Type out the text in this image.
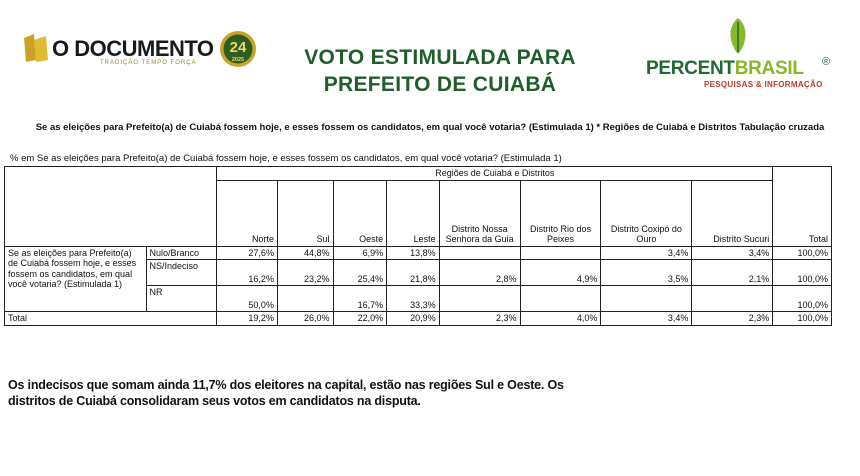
O DOCUMENTO
TRADIÇÃO TEMPO FORÇA
24
2025	VOTO ESTIMULADA PARA
PREFEITO DE CUIABÁ
PERCENTBRASIL ®
PESQUISAS & INFORMAÇÃO
Se as eleições para Prefeito(a) de Cuiabá fossem hoje, e esses fossem os candidatos, em qual você votaria? (Estimulada 1) * Regiões de Cuiabá e Distritos Tabulação cruzada
% em Se as eleições para Prefeito(a) de Cuiabá fossem hoje, e esses fossem os candidatos, em qual você votaria? (Estimulada 1)
		Regiões de Cuiabá e Distritos								Total
		Norte	Sul	Oeste	Leste	Distrito Nossa Senhora da Guia	Distrito Rio dos Peixes	Distrito Coxipó do Ouro	Distrito Sucuri	
Se as eleições para Prefeito(a) de Cuiabá fossem hoje, e esses fossem os candidatos, em qual você votaria? (Estimulada 1)	Nulo/Branco	27,6%	44,8%	6,9%	13,8%			3,4%	3,4%	100,0%
	NS/Indeciso	16,2%	23,2%	25,4%	21,8%	2,8%	4,9%	3,5%	2,1%	100,0%
	NR	50,0%		16,7%	33,3%					100,0%
Total		19,2%	26,0%	22,0%	20,9%	2,3%	4,0%	3,4%	2,3%	100,0%
Os indecisos que somam ainda 11,7% dos eleitores na capital, estão nas regiões Sul e Oeste. Os distritos de Cuiabá consolidaram seus votos em candidatos na disputa.
